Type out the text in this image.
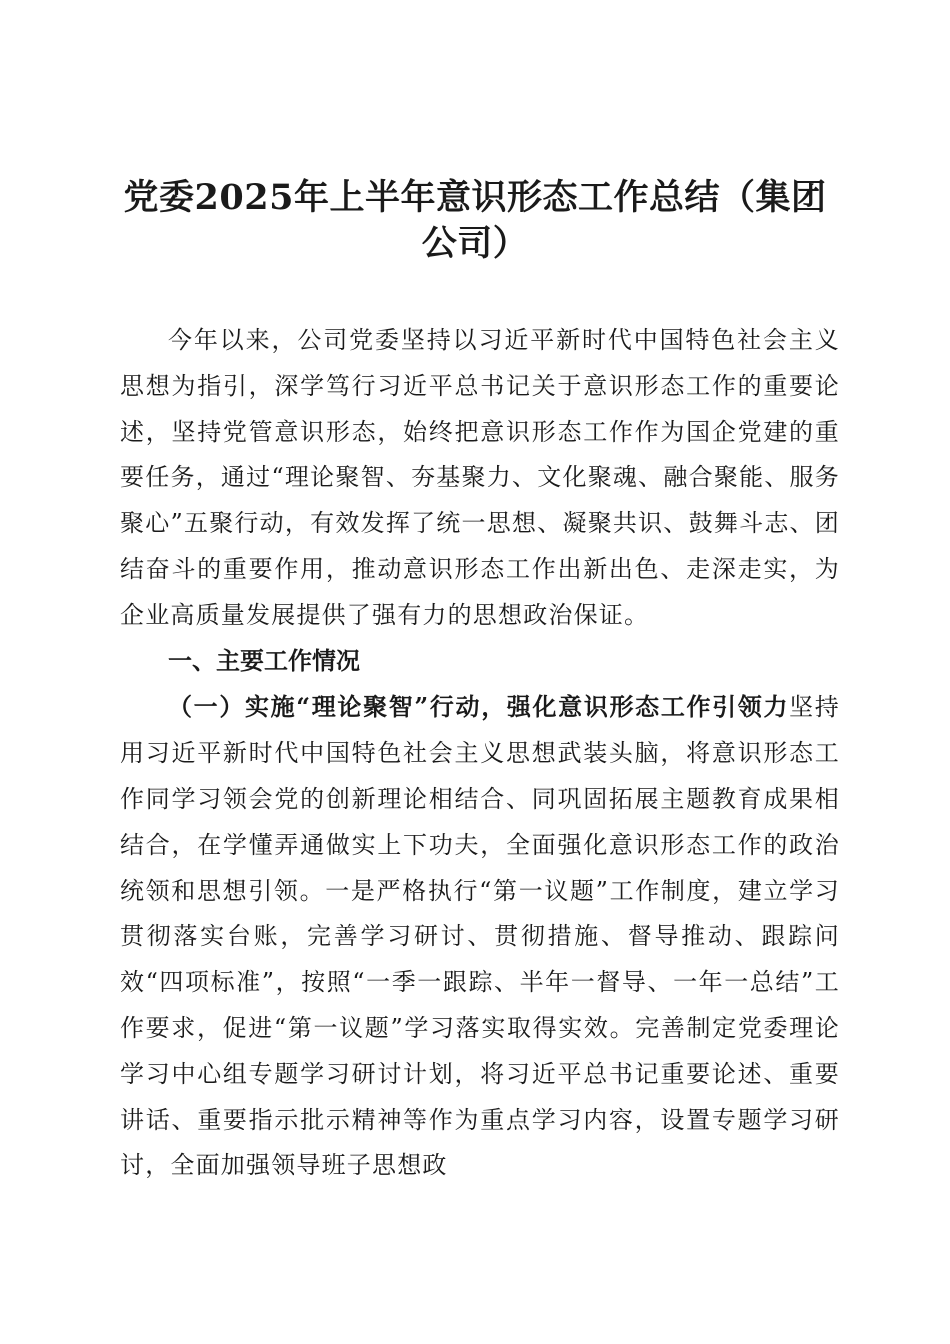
党委2025年上半年意识形态工作总结（集团公司）

今年以来，公司党委坚持以习近平新时代中国特色社会主义思想为指引，深学笃行习近平总书记关于意识形态工作的重要论述，坚持党管意识形态，始终把意识形态工作作为国企党建的重要任务，通过“理论聚智、夯基聚力、文化聚魂、融合聚能、服务聚心”五聚行动，有效发挥了统一思想、凝聚共识、鼓舞斗志、团结奋斗的重要作用，推动意识形态工作出新出色、走深走实，为企业高质量发展提供了强有力的思想政治保证。

一、主要工作情况

（一）实施“理论聚智”行动，强化意识形态工作引领力坚持用习近平新时代中国特色社会主义思想武装头脑，将意识形态工作同学习领会党的创新理论相结合、同巩固拓展主题教育成果相结合，在学懂弄通做实上下功夫，全面强化意识形态工作的政治统领和思想引领。一是严格执行“第一议题”工作制度，建立学习贯彻落实台账，完善学习研讨、贯彻措施、督导推动、跟踪问效“四项标准”，按照“一季一跟踪、半年一督导、一年一总结”工作要求，促进“第一议题”学习落实取得实效。完善制定党委理论学习中心组专题学习研讨计划，将习近平总书记重要论述、重要讲话、重要指示批示精神等作为重点学习内容，设置专题学习研讨，全面加强领导班子思想政
